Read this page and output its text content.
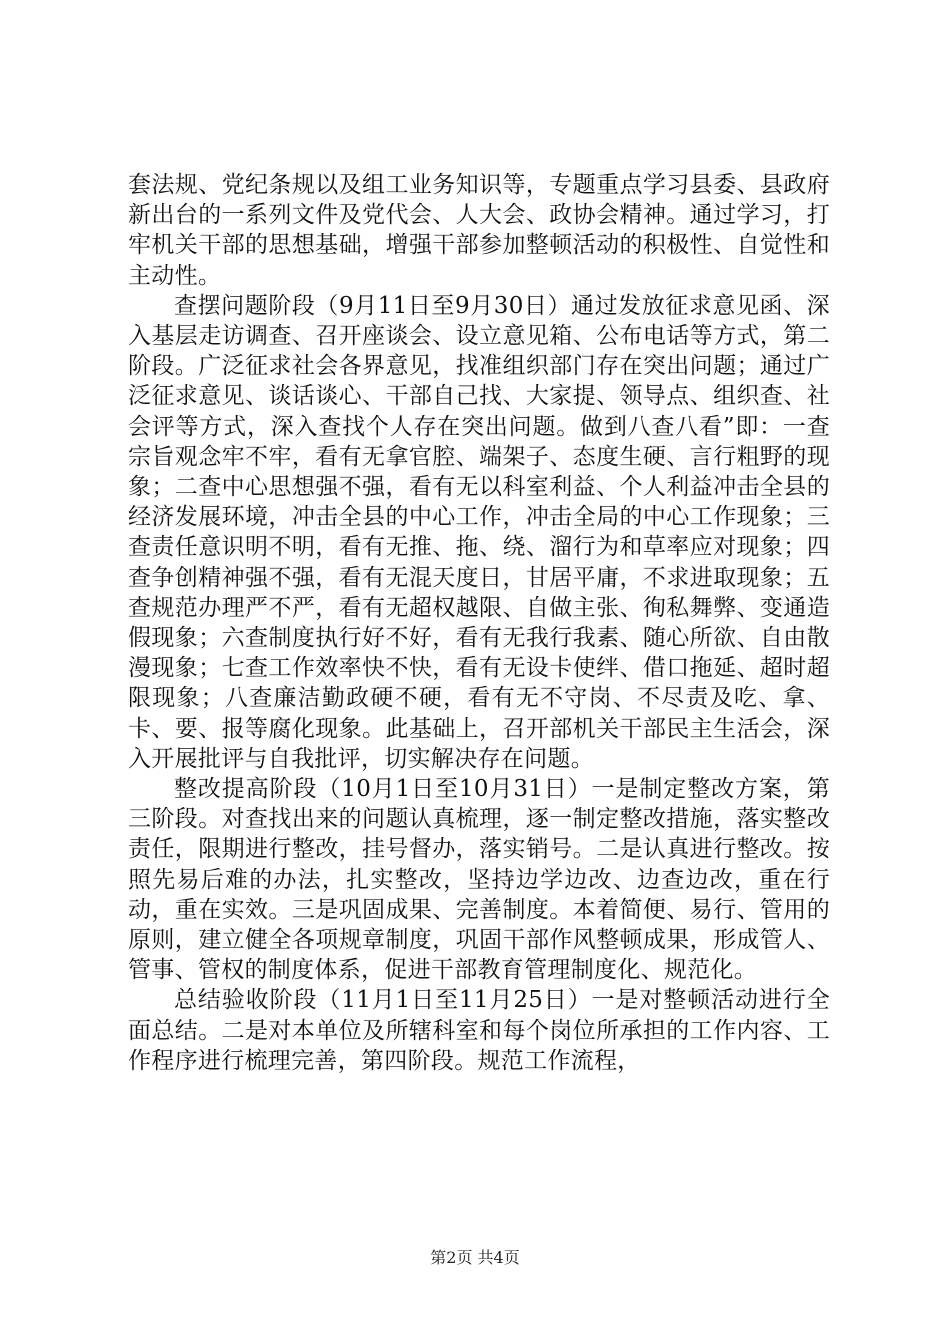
套法规、党纪条规以及组工业务知识等，专题重点学习县委、县政府新出台的一系列文件及党代会、人大会、政协会精神。通过学习，打牢机关干部的思想基础，增强干部参加整顿活动的积极性、自觉性和主动性。

查摆问题阶段（9月11日至9月30日）通过发放征求意见函、深入基层走访调查、召开座谈会、设立意见箱、公布电话等方式，第二阶段。广泛征求社会各界意见，找准组织部门存在突出问题；通过广泛征求意见、谈话谈心、干部自己找、大家提、领导点、组织查、社会评等方式，深入查找个人存在突出问题。做到八查八看”即：一查宗旨观念牢不牢，看有无拿官腔、端架子、态度生硬、言行粗野的现象；二查中心思想强不强，看有无以科室利益、个人利益冲击全县的经济发展环境，冲击全县的中心工作，冲击全局的中心工作现象；三查责任意识明不明，看有无推、拖、绕、溜行为和草率应对现象；四查争创精神强不强，看有无混天度日，甘居平庸，不求进取现象；五查规范办理严不严，看有无超权越限、自做主张、徇私舞弊、变通造假现象；六查制度执行好不好，看有无我行我素、随心所欲、自由散漫现象；七查工作效率快不快，看有无设卡使绊、借口拖延、超时超限现象；八查廉洁勤政硬不硬，看有无不守岗、不尽责及吃、拿、卡、要、报等腐化现象。此基础上，召开部机关干部民主生活会，深入开展批评与自我批评，切实解决存在问题。

整改提高阶段（10月1日至10月31日）一是制定整改方案，第三阶段。对查找出来的问题认真梳理，逐一制定整改措施，落实整改责任，限期进行整改，挂号督办，落实销号。二是认真进行整改。按照先易后难的办法，扎实整改，坚持边学边改、边查边改，重在行动，重在实效。三是巩固成果、完善制度。本着简便、易行、管用的原则，建立健全各项规章制度，巩固干部作风整顿成果，形成管人、管事、管权的制度体系，促进干部教育管理制度化、规范化。

总结验收阶段（11月1日至11月25日）一是对整顿活动进行全面总结。二是对本单位及所辖科室和每个岗位所承担的工作内容、工作程序进行梳理完善，第四阶段。规范工作流程，

第2页 共4页
